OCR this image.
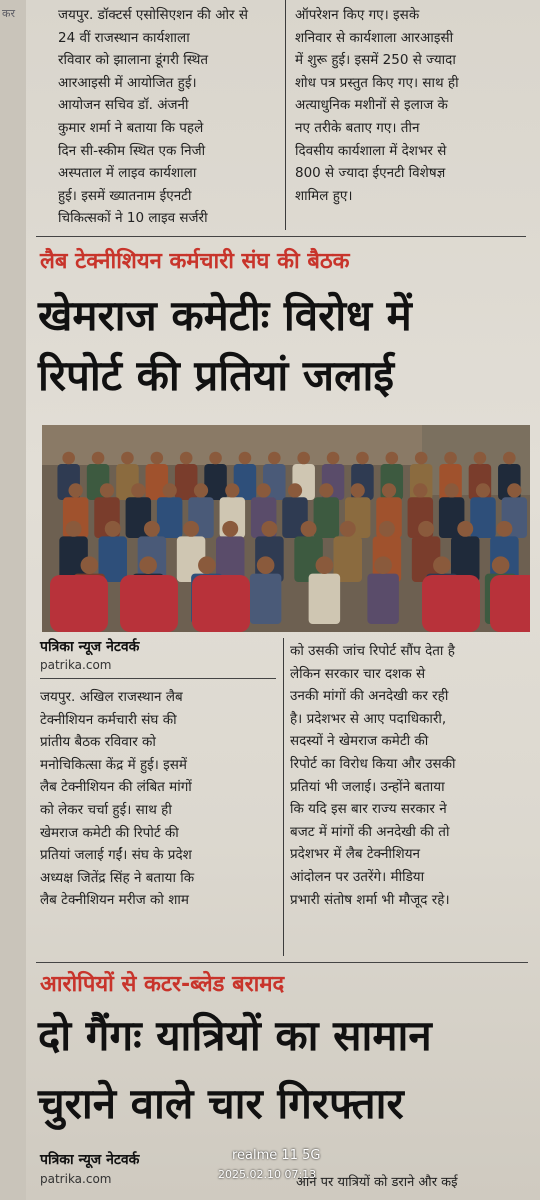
कर	जयपुर. डॉक्टर्स एसोसिएशन की ओर से
24 वीं राजस्थान कार्यशाला
रविवार को झालाना डूंगरी स्थित
आरआइसी में आयोजित हुई।
आयोजन सचिव डॉ. अंजनी
कुमार शर्मा ने बताया कि पहले
दिन सी-स्कीम स्थित एक निजी
अस्पताल में लाइव कार्यशाला
हुई। इसमें ख्यातनाम ईएनटी
चिकित्सकों ने 10 लाइव सर्जरी
ऑपरेशन किए गए। इसके
शनिवार से कार्यशाला आरआइसी
में शुरू हुई। इसमें 250 से ज्यादा
शोध पत्र प्रस्तुत किए गए। साथ ही
अत्याधुनिक मशीनों से इलाज के
नए तरीके बताए गए। तीन
दिवसीय कार्यशाला में देशभर से
800 से ज्यादा ईएनटी विशेषज्ञ
शामिल हुए।
लैब टेक्नीशियन कर्मचारी संघ की बैठक
खेमराज कमेटीः विरोध में
रिपोर्ट की प्रतियां जलाई
पत्रिका न्यूज नेटवर्क
patrika.com
जयपुर. अखिल राजस्थान लैब
टेक्नीशियन कर्मचारी संघ की
प्रांतीय बैठक रविवार को
मनोचिकित्सा केंद्र में हुई। इसमें
लैब टेक्नीशियन की लंबित मांगों
को लेकर चर्चा हुई। साथ ही
खेमराज कमेटी की रिपोर्ट की
प्रतियां जलाई गईं। संघ के प्रदेश
अध्यक्ष जितेंद्र सिंह ने बताया कि
लैब टेक्नीशियन मरीज को शाम
को उसकी जांच रिपोर्ट सौंप देता है
लेकिन सरकार चार दशक से
उनकी मांगों की अनदेखी कर रही
है। प्रदेशभर से आए पदाधिकारी,
सदस्यों ने खेमराज कमेटी की
रिपोर्ट का विरोध किया और उसकी
प्रतियां भी जलाई। उन्होंने बताया
कि यदि इस बार राज्य सरकार ने
बजट में मांगों की अनदेखी की तो
प्रदेशभर में लैब टेक्नीशियन
आंदोलन पर उतरेंगे। मीडिया
प्रभारी संतोष शर्मा भी मौजूद रहे।
आरोपियों से कटर-ब्लेड बरामद
दो गैंगः यात्रियों का सामान
चुराने वाले चार गिरफ्तार
पत्रिका न्यूज नेटवर्क
patrika.com	आने पर यात्रियों को डराने और कई
realme 11 5G
2025.02.10 07:13
